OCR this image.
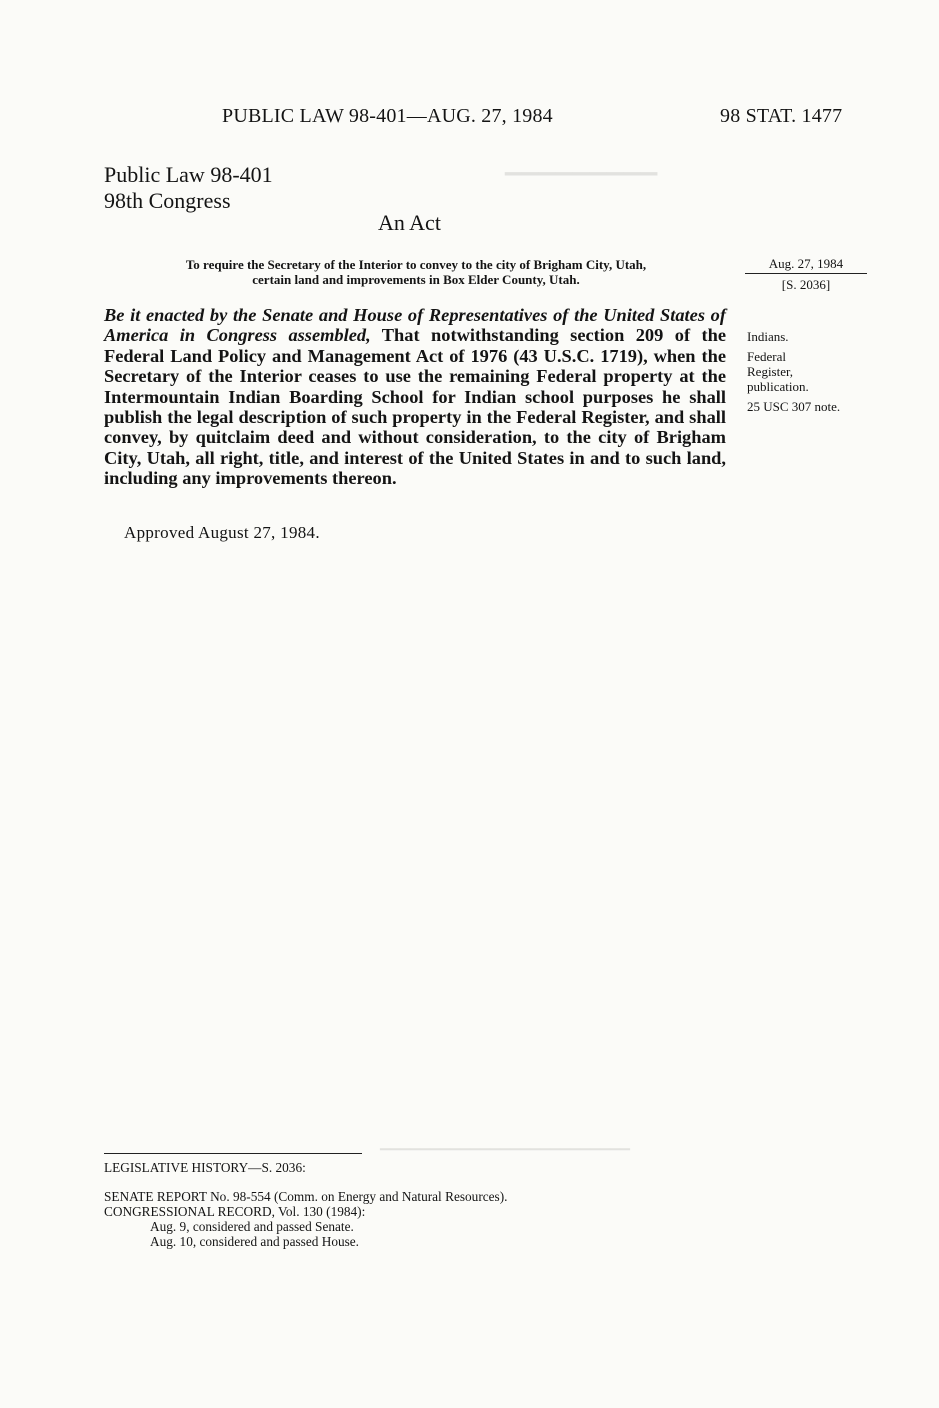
▁▁▁▁▁▁▁▁▁
▁▁▁▁▁▁▁▁▁▁▁▁▁▁▁▁▁▁▁▁▁▁▁▁▁
PUBLIC LAW 98-401—AUG. 27, 1984	98 STAT. 1477
Public Law 98-401
98th Congress
An Act
To require the Secretary of the Interior to convey to the city of Brigham City, Utah,
certain land and improvements in Box Elder County, Utah.
Aug. 27, 1984
[S. 2036]
Be it enacted by the Senate and House of Representatives of the United States of America in Congress assembled, That notwithstanding section 209 of the Federal Land Policy and Management Act of 1976 (43 U.S.C. 1719), when the Secretary of the Interior ceases to use the remaining Federal property at the Intermountain Indian Boarding School for Indian school purposes he shall publish the legal description of such property in the Federal Register, and shall convey, by quitclaim deed and without consideration, to the city of Brigham City, Utah, all right, title, and interest of the United States in and to such land, including any improvements thereon.
Indians.
Federal
Register,
publication.
25 USC 307 note.
Approved August 27, 1984.
LEGISLATIVE HISTORY—S. 2036:
SENATE REPORT No. 98-554 (Comm. on Energy and Natural Resources).
CONGRESSIONAL RECORD, Vol. 130 (1984):
Aug. 9, considered and passed Senate.
Aug. 10, considered and passed House.
